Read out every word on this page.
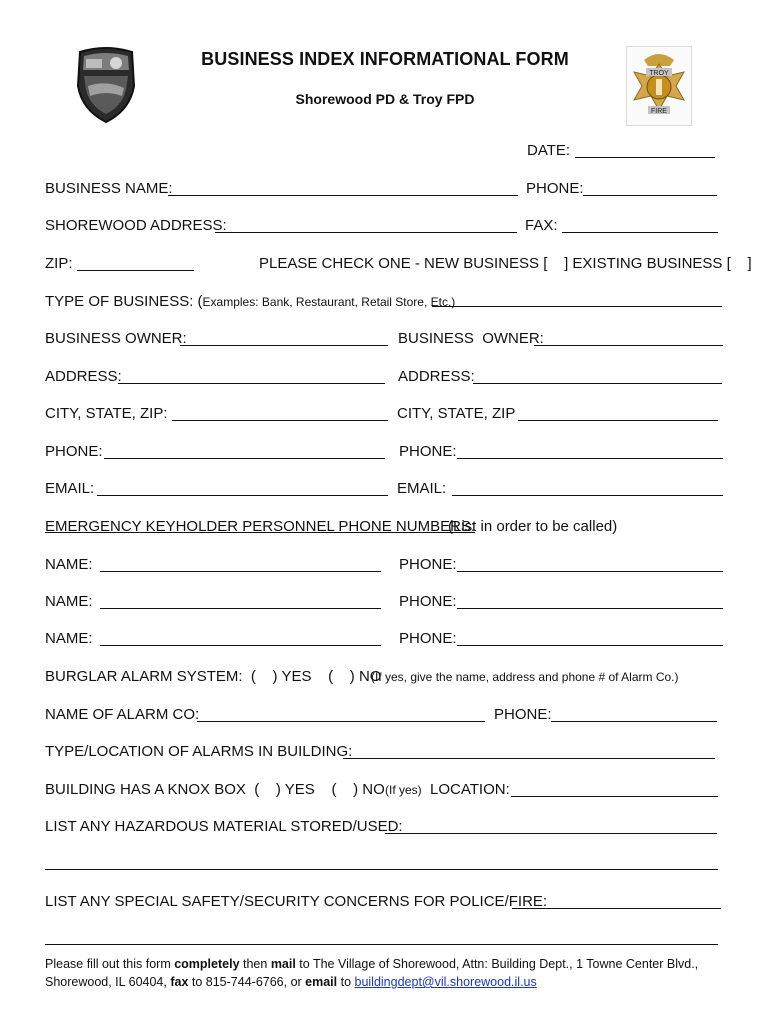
TROY
FIRE
BUSINESS INDEX INFORMATIONAL FORM
Shorewood PD & Troy FPD
DATE:
BUSINESS NAME:	PHONE:
SHOREWOOD ADDRESS:	FAX:
ZIP:	PLEASE CHECK ONE - NEW BUSINESS [    ] EXISTING BUSINESS [    ]
TYPE OF BUSINESS: (Examples: Bank, Restaurant, Retail Store, Etc.)
BUSINESS OWNER:	BUSINESS  OWNER:
ADDRESS:	ADDRESS:
CITY, STATE, ZIP:	CITY, STATE, ZIP
PHONE:	PHONE:
EMAIL:	EMAIL:
EMERGENCY KEYHOLDER PERSONNEL PHONE NUMBERS:
(List in order to be called)
NAME:	PHONE:
NAME:	PHONE:
NAME:	PHONE:
BURGLAR ALARM SYSTEM:  (    ) YES    (    ) NO
(If yes, give the name, address and phone # of Alarm Co.)
NAME OF ALARM CO:	PHONE:
TYPE/LOCATION OF ALARMS IN BUILDING:
BUILDING HAS A KNOX BOX  (    ) YES    (    ) NO (If yes) LOCATION:
LIST ANY HAZARDOUS MATERIAL STORED/USED:
LIST ANY SPECIAL SAFETY/SECURITY CONCERNS FOR POLICE/FIRE:
Please fill out this form completely then mail to The Village of Shorewood, Attn: Building Dept., 1 Towne Center Blvd.,
Shorewood, IL 60404, fax to 815-744-6766, or email to buildingdept@vil.shorewood.il.us
